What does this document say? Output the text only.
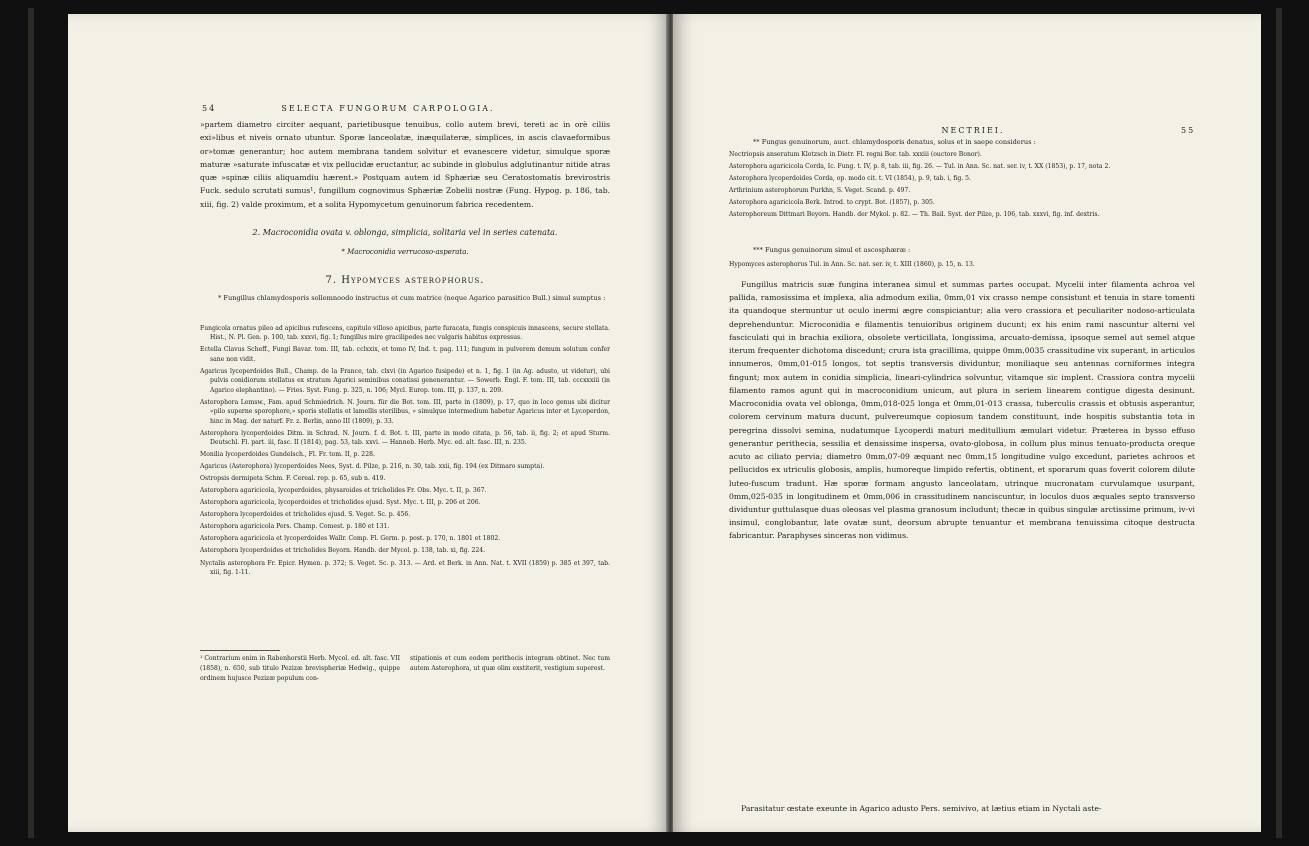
54	SELECTA FUNGORUM CARPOLOGIA.
»partem diametro circiter aequant, parietibusque tenuibus, collo autem brevi, tereti ac in orè ciliis exi»libus et niveis ornato utuntur. Sporæ lanceolatæ, inæquilateræ, simplices, in ascis clavaeformibus or»tomæ generantur; hoc autem membrana tandem solvitur et evanescere videtur, simulque sporæ maturæ »saturate infuscatæ et vix pellucidæ eructantur, ac subinde in globulus adglutinantur nitide atras quæ »spinæ ciliis aliquamdiu hærent.» Postquam autem id Sphæriæ seu Ceratostomatis brevirostris Fuck. sedulo scrutati sumus¹, fungillum cognovimus Sphæriæ Zobelii nostræ (Fung. Hypog. p. 186, tab. xiii, fig. 2) valde proximum, et a solita Hypomycetum genuinorum fabrica recedentem.
2. Macroconidia ovata v. oblonga, simplicia, solitaria vel in series catenata.
* Macroconidia verrucoso-asperata.
7. Hypomyces asterophorus.
* Fungillus chlamydosporis sollemnoodo instructus et cum matrice (neque Agarico parasitico Bull.) simul sumptus :

Fungicola ornatus pileo ad apicibus rufescens, capitulo villoso apicibus, parte furacata, fungis conspicuis innascens, secure stellata. Hist., N. Pl. Gen. p. 100, tab. xxxvi, fig. 1; fungillus mire gracilipedes nec vulgaris habitus expressus.

Ectella Clavus Scheff., Fungi Bavar. tom. III, tab. cclxxix, et tomo IV, Ind. t. pag. 111; fungum in pulverem demum solutum confer sane non vidit.

Agaricus lycoperdoides Bull., Champ. de la France, tab. clxvi (in Agarico fusipede) et n. 1, fig. 1 (in Ag. adusto, ut videtur), ubi pulvis conidiorum stellatus ex stratum Agarici seminibus conatissi genenerantur. — Sowerb. Engl. F. tom. III, tab. cccxxxiii (in Agarico elephantino). — Fries. Syst. Fung. p. 325, n. 106; Mycl. Europ. tom. III, p. 137, n. 209.

Asterophora Lemsw., Fam. apud Schmiedrich. N. Journ. für die Bot. tom. III, parte in (1809), p. 17, quo in loco genus ubi dicitur «pilo superne sporophore,» sporis stellatis et lamellis sterilibus, » simulque intermedium habetur Agaricus inter et Lycoperdon, hinc in Mag. der naturf. Fr. z. Berlin, anno III (1809), p. 33.

Asterophora lycoperdoides Ditm. in Schrad. N. Journ. f. d. Bot. t. III, parte in modo citata, p. 56, tab. ii, fig. 2; et apud Sturm. Deutschl. Fl. part. iii, fasc. II (1814), pag. 53, tab. xxvi. — Hanneb. Herb. Myc. ed. alt. fasc. III, n. 235.

Monilia lycoperdoides Gundelsch., Fl. Fr. tom. II, p. 228.

Agaricus (Asterophora) lycoperdoides Nees, Syst. d. Pilze, p. 216, n. 30, tab. xxii, fig. 194 (ex Ditmaro sumpta).

Ostropsis dermipeta Schm. F. Cereal. rep. p. 65, sub n. 419.

Asterophora agaricicola, lycoperdoides, physaroides et tricholides Fr. Obs. Myc. t. II, p. 367.

Asterophora agaricicola, lycoperdoides et tricholides ejusd. Syst. Myc. t. III, p. 206 et 206.

Asterophora lycoperdoides et tricholides ejusd. S. Veget. Sc. p. 456.

Asterophora agaricicola Pers. Champ. Comest. p. 180 et 131.

Asterophora agaricicola et lycoperdoides Wallr. Comp. Fl. Germ. p. post. p. 170, n. 1801 et 1802.

Asterophora lycoperdoides et tricholides Beyorn. Handb. der Mycol. p. 138, tab. xi, fig. 224.

Nyctalis asterophora Fr. Epicr. Hymen. p. 372; S. Veget. Sc. p. 313. — Ard. et Berk. in Ann. Nat. t. XVII (1859) p. 385 et 397, tab. xiii, fig. 1-11.

¹ Contrarium enim in Rabenhorstii Herb. Mycol. ed. alt. fasc. VII (1858), n. 650, sub titulo Pezizæ brevispheriæ Hedwig., quippe ordinem hujusce Pezizæ populum con-
stipationis et cum eodem perithecis integram obtinet. Nec tum autem Asterophora, ut quæ olim exstiterit, vestigium superest.
NECTRIEI.	55
** Fungus genuinorum, auct. chlamydosporis denatus, solus et in saepe considerus :

Nectriopsis anseratum Klotzsch in Dietr. Fl. regni Bor. tab. xxxiii (ouctore Bonor).

Asterophora agaricicola Corda, Ic. Fung. t. IV, p. 8, tab. iii, fig. 26. — Tul. in Ann. Sc. nat. ser. iv, t. XX (1853), p. 17, nota 2.

Asterophora lycoperdoides Corda, op. modo cit. t. VI (1854), p. 9, tab. i, fig. 5.

Arthrinium asterophorum Purkhn, S. Veget. Scand. p. 497.

Asterophora agaricicola Berk. Introd. to crypt. Bot. (1857), p. 305.

Asterophoreum Dittmari Beyorn. Handb. der Mykol. p. 82. — Th. Bail. Syst. der Pilze, p. 106, tab. xxxvi, fig. inf. dextris.

*** Fungus genuinorum simul et ascosphæræ :

Hypomyces asterophorus Tul. in Ann. Sc. nat. ser. iv, t. XIII (1860), p. 15, n. 13.

Fungillus matricis suæ fungina interanea simul et summas partes occupat. Mycelii inter filamenta achroa vel pallida, ramosissima et implexa, alia admodum exilia, 0mm,01 vix crasso nempe consistunt et tenuia in stare tomenti ita quandoque sternuntur ut oculo inermi ægre conspiciantur; alia vero crassiora et peculiariter nodoso-articulata deprehenduntur. Microconidia e filamentis tenuioribus originem ducunt; ex his enim rami nascuntur alterni vel fasciculati qui in brachia exiliora, obsolete verticillata, longissima, arcuato-demissa, ipsoque semel aut semel atque iterum frequenter dichotoma discedunt; crura ista gracillima, quippe 0mm,0035 crassitudine vix superant, in articulos innumeros, 0mm,01-015 longos, tot septis transversis dividuntur, moniliaque seu antennas corniformes integra fingunt; mox autem in conidia simplicia, lineari-cylindrica solvuntur, vitamque sic implent. Crassiora contra mycelii filamento ramos agunt qui in macroconidium unicum, aut plura in seriem linearem contigue digesta desinunt. Macroconidia ovata vel oblonga, 0mm,018-025 longa et 0mm,01-013 crassa, tuberculis crassis et obtusis asperantur, colorem cervinum matura ducunt, pulvereumque copiosum tandem constituunt, inde hospitis substantia tota in peregrina dissolvi semina, nudatumque Lycoperdi maturi meditullium æmulari videtur. Præterea in bysso effuso generantur perithecia, sessilia et densissime inspersa, ovato-globosa, in collum plus minus tenuato-producta oreque acuto ac ciliato pervia; diametro 0mm,07-09 æquant nec 0mm,15 longitudine vulgo excedunt, parietes achroos et pellucidos ex utriculis globosis, amplis, humoreque limpido refertis, obtinent, et sporarum quas foverit colorem dilute luteo-fuscum tradunt. Hæ sporæ formam angusto lanceolatam, utrinque mucronatam curvulamque usurpant, 0mm,025-035 in longitudinem et 0mm,006 in crassitudinem nanciscuntur, in loculos duos æquales septo transverso dividuntur guttulasque duas oleosas vel plasma granosum includunt; thecæ in quibus singulæ arctissime primum, iv-vi insimul, conglobantur, late ovatæ sunt, deorsum abrupte tenuantur et membrana tenuissima citoque destructa fabricantur. Paraphyses sinceras non vidimus.
Parasitatur œstate exeunte in Agarico adusto Pers. semivivo, at lætius etiam in Nyctali aste-
